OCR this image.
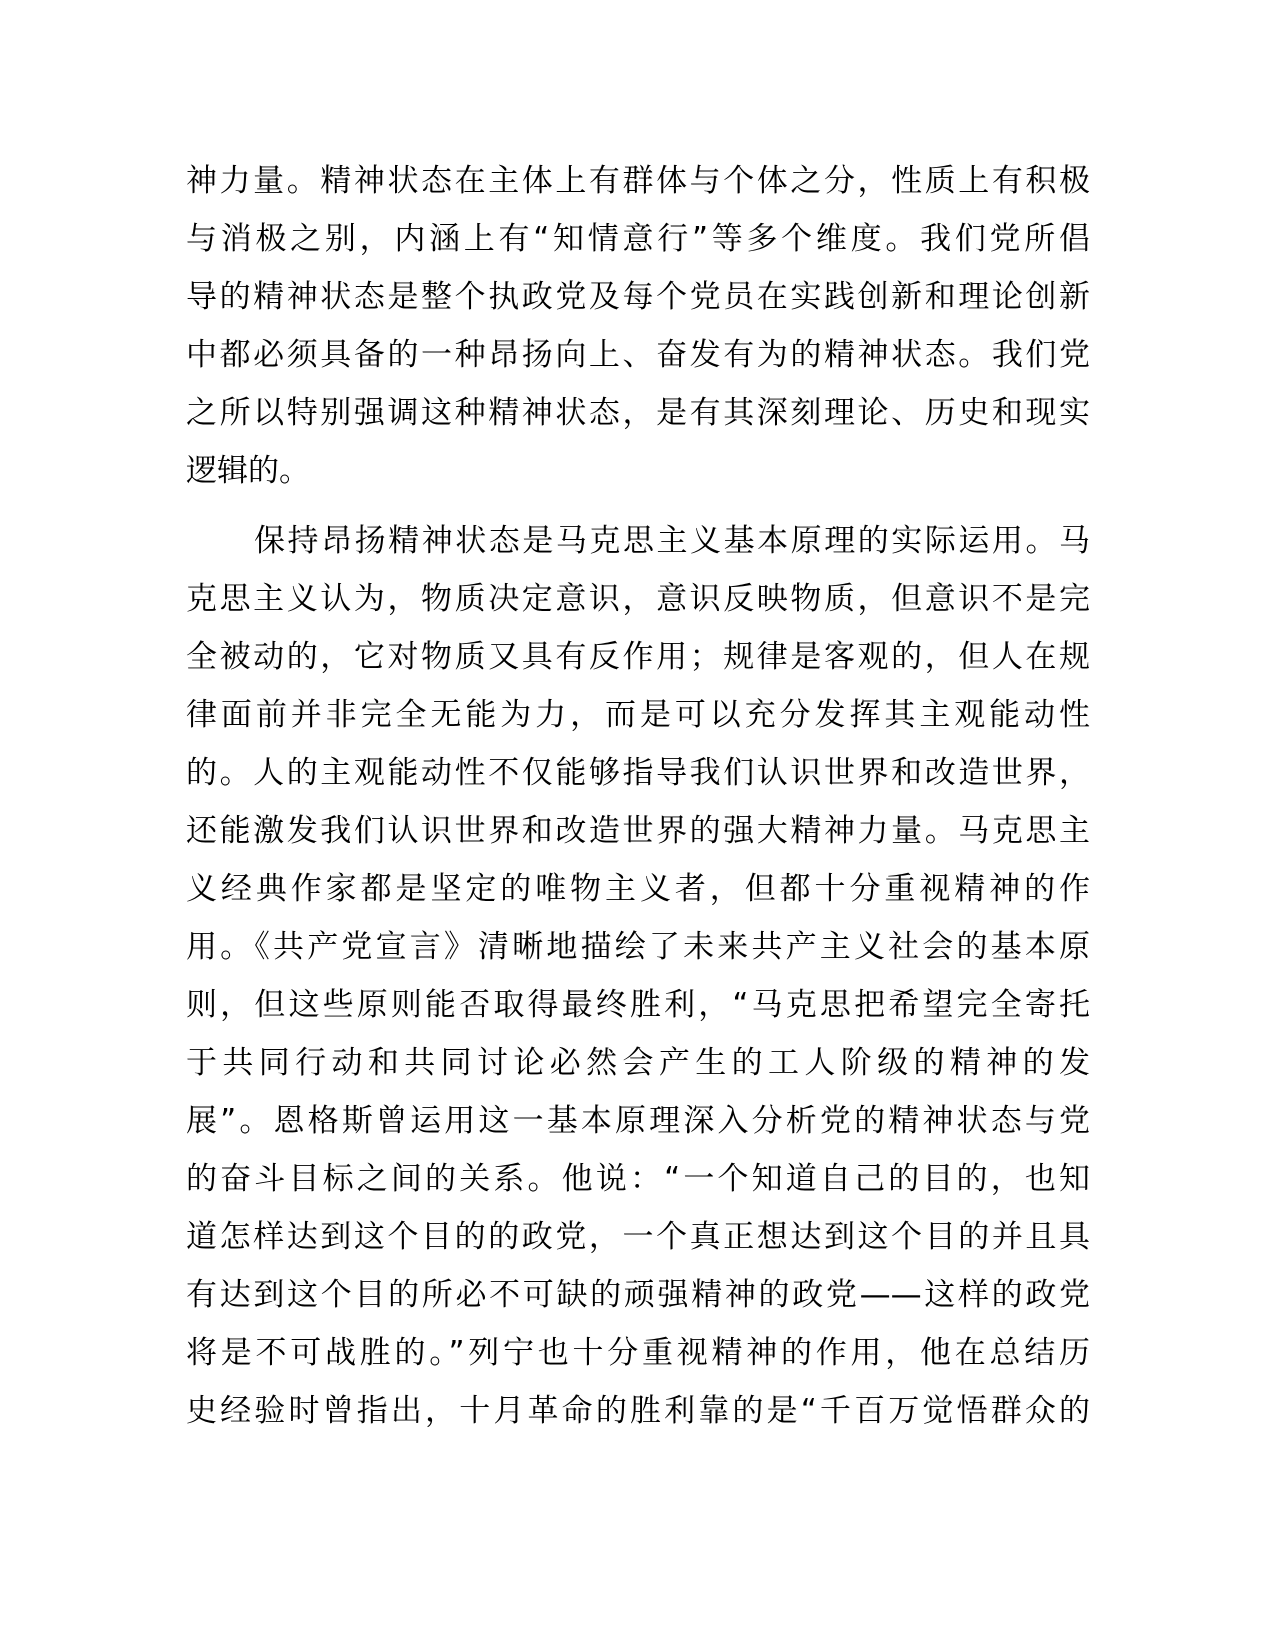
神力量。精神状态在主体上有群体与个体之分，性质上有积极
与消极之别，内涵上有“知情意行”等多个维度。我们党所倡
导的精神状态是整个执政党及每个党员在实践创新和理论创新
中都必须具备的一种昂扬向上、奋发有为的精神状态。我们党
之所以特别强调这种精神状态，是有其深刻理论、历史和现实
逻辑的。
保持昂扬精神状态是马克思主义基本原理的实际运用。马
克思主义认为，物质决定意识，意识反映物质，但意识不是完
全被动的，它对物质又具有反作用；规律是客观的，但人在规
律面前并非完全无能为力，而是可以充分发挥其主观能动性
的。人的主观能动性不仅能够指导我们认识世界和改造世界，
还能激发我们认识世界和改造世界的强大精神力量。马克思主
义经典作家都是坚定的唯物主义者，但都十分重视精神的作
用。《共产党宣言》清晰地描绘了未来共产主义社会的基本原
则，但这些原则能否取得最终胜利，“马克思把希望完全寄托
于共同行动和共同讨论必然会产生的工人阶级的精神的发
展”。恩格斯曾运用这一基本原理深入分析党的精神状态与党
的奋斗目标之间的关系。他说：“一个知道自己的目的，也知
道怎样达到这个目的的政党，一个真正想达到这个目的并且具
有达到这个目的所必不可缺的顽强精神的政党——这样的政党
将是不可战胜的。”列宁也十分重视精神的作用，他在总结历
史经验时曾指出，十月革命的胜利靠的是“千百万觉悟群众的
